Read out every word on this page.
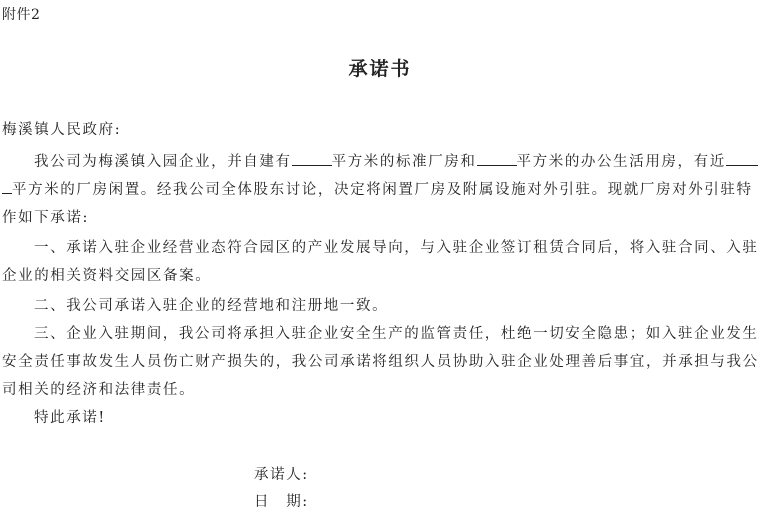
附件2
承诺书
梅溪镇人民政府:
我公司为梅溪镇入园企业，并自建有	平方米的标准厂房和	平方米的办公生活用房，有近
平方米的厂房闲置。经我公司全体股东讨论，决定将闲置厂房及附属设施对外引驻。现就厂房对外引驻特
作如下承诺:
一、承诺入驻企业经营业态符合园区的产业发展导向，与入驻企业签订租赁合同后，将入驻合同、入驻
企业的相关资料交园区备案。
二、我公司承诺入驻企业的经营地和注册地一致。
三、企业入驻期间，我公司将承担入驻企业安全生产的监管责任，杜绝一切安全隐患；如入驻企业发生
安全责任事故发生人员伤亡财产损失的，我公司承诺将组织人员协助入驻企业处理善后事宜，并承担与我公
司相关的经济和法律责任。
特此承诺!
承诺人:
日　期:
